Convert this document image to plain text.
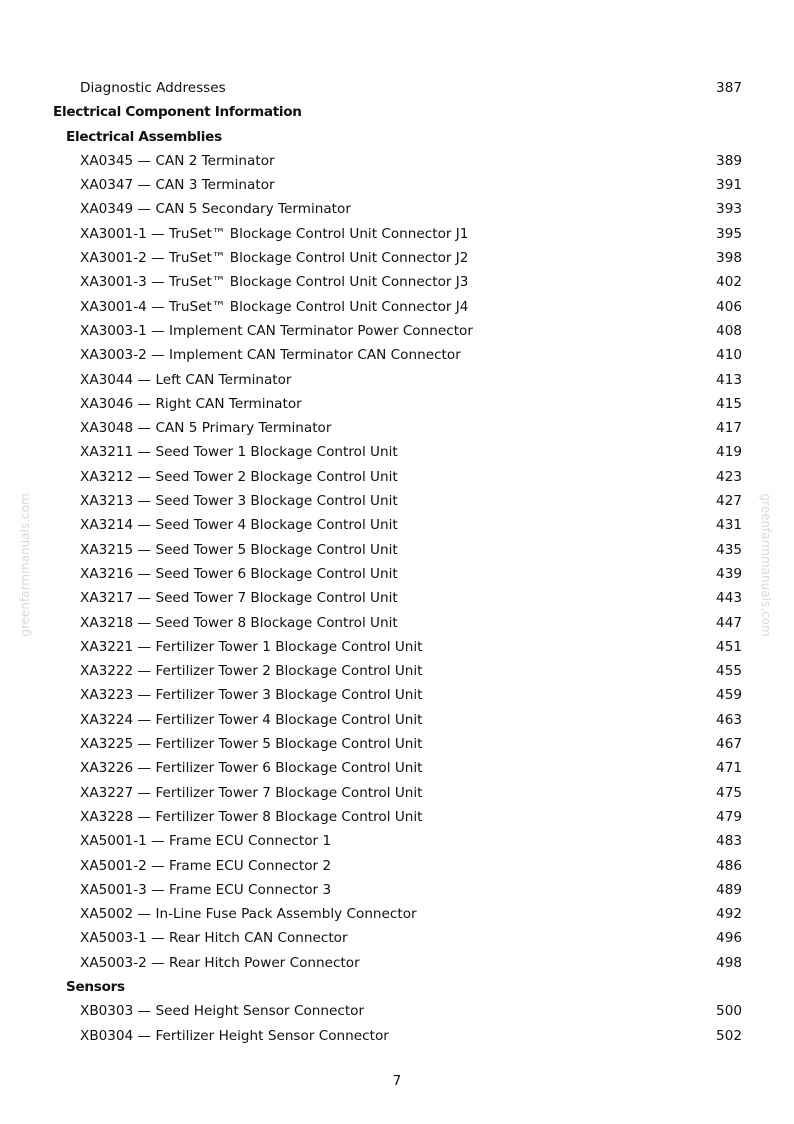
Diagnostic Addresses	387
Electrical Component Information
Electrical Assemblies
XA0345 — CAN 2 Terminator	389
XA0347 — CAN 3 Terminator	391
XA0349 — CAN 5 Secondary Terminator	393
XA3001-1 — TruSet™ Blockage Control Unit Connector J1	395
XA3001-2 — TruSet™ Blockage Control Unit Connector J2	398
XA3001-3 — TruSet™ Blockage Control Unit Connector J3	402
XA3001-4 — TruSet™ Blockage Control Unit Connector J4	406
XA3003-1 — Implement CAN Terminator Power Connector	408
XA3003-2 — Implement CAN Terminator CAN Connector	410
XA3044 — Left CAN Terminator	413
XA3046 — Right CAN Terminator	415
XA3048 — CAN 5 Primary Terminator	417
XA3211 — Seed Tower 1 Blockage Control Unit	419
XA3212 — Seed Tower 2 Blockage Control Unit	423
XA3213 — Seed Tower 3 Blockage Control Unit	427
XA3214 — Seed Tower 4 Blockage Control Unit	431
XA3215 — Seed Tower 5 Blockage Control Unit	435
XA3216 — Seed Tower 6 Blockage Control Unit	439
XA3217 — Seed Tower 7 Blockage Control Unit	443
XA3218 — Seed Tower 8 Blockage Control Unit	447
XA3221 — Fertilizer Tower 1 Blockage Control Unit	451
XA3222 — Fertilizer Tower 2 Blockage Control Unit	455
XA3223 — Fertilizer Tower 3 Blockage Control Unit	459
XA3224 — Fertilizer Tower 4 Blockage Control Unit	463
XA3225 — Fertilizer Tower 5 Blockage Control Unit	467
XA3226 — Fertilizer Tower 6 Blockage Control Unit	471
XA3227 — Fertilizer Tower 7 Blockage Control Unit	475
XA3228 — Fertilizer Tower 8 Blockage Control Unit	479
XA5001-1 — Frame ECU Connector 1	483
XA5001-2 — Frame ECU Connector 2	486
XA5001-3 — Frame ECU Connector 3	489
XA5002 — In-Line Fuse Pack Assembly Connector	492
XA5003-1 — Rear Hitch CAN Connector	496
XA5003-2 — Rear Hitch Power Connector	498
Sensors
XB0303 — Seed Height Sensor Connector	500
XB0304 — Fertilizer Height Sensor Connector	502
greenfarmmanuals.com	greenfarmmanuals.com
7
